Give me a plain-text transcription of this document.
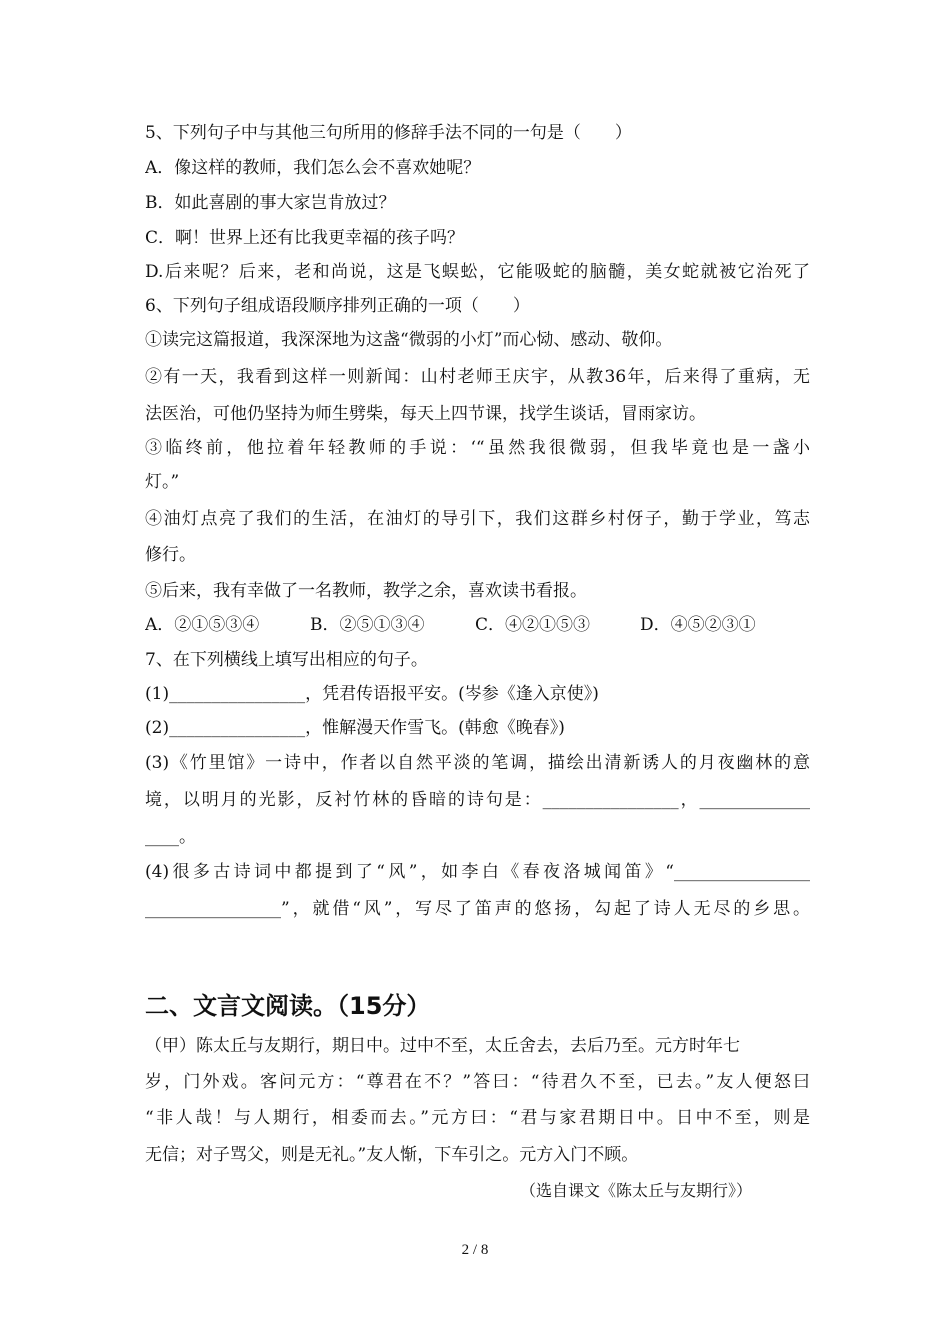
5、下列句子中与其他三句所用的修辞手法不同的一句是（　　）
A．像这样的教师，我们怎么会不喜欢她呢？
B．如此喜剧的事大家岂肯放过？
C．啊！世界上还有比我更幸福的孩子吗？
D.后来呢？后来，老和尚说，这是飞蜈蚣，它能吸蛇的脑髓，美女蛇就被它治死了
6、下列句子组成语段顺序排列正确的一项（　　）
①读完这篇报道，我深深地为这盏“微弱的小灯”而心恸、感动、敬仰。
②有一天，我看到这样一则新闻：山村老师王庆宇，从教36年，后来得了重病，无
法医治，可他仍坚持为师生劈柴，每天上四节课，找学生谈话，冒雨家访。
③临终前，他拉着年轻教师的手说：‘“虽然我很微弱，但我毕竟也是一盏小
灯。”
④油灯点亮了我们的生活，在油灯的导引下，我们这群乡村伢子，勤于学业，笃志
修行。
⑤后来，我有幸做了一名教师，教学之余，喜欢读书看报。
A．②①⑤③④	B．②⑤①③④	C．④②①⑤③	D．④⑤②③①
7、在下列横线上填写出相应的句子。
(1)________________，凭君传语报平安。(岑参《逢入京使》)
(2)________________，惟解漫天作雪飞。(韩愈《晚春》)
(3)《竹里馆》一诗中，作者以自然平淡的笔调，描绘出清新诱人的月夜幽林的意
境，以明月的光影，反衬竹林的昏暗的诗句是：________________，_____________
____。
(4)很多古诗词中都提到了“风”，如李白《春夜洛城闻笛》“________________
________________”，就借“风”，写尽了笛声的悠扬，勾起了诗人无尽的乡思。
二、文言文阅读。（15分）
（甲）陈太丘与友期行，期日中。过中不至，太丘舍去，去后乃至。元方时年七
岁，门外戏。客问元方：“尊君在不？”答曰：“待君久不至，已去。”友人便怒曰
“非人哉！与人期行，相委而去。”元方曰：“君与家君期日中。日中不至，则是
无信；对子骂父，则是无礼。”友人惭，下车引之。元方入门不顾。
（选自课文《陈太丘与友期行》）
2 / 8
